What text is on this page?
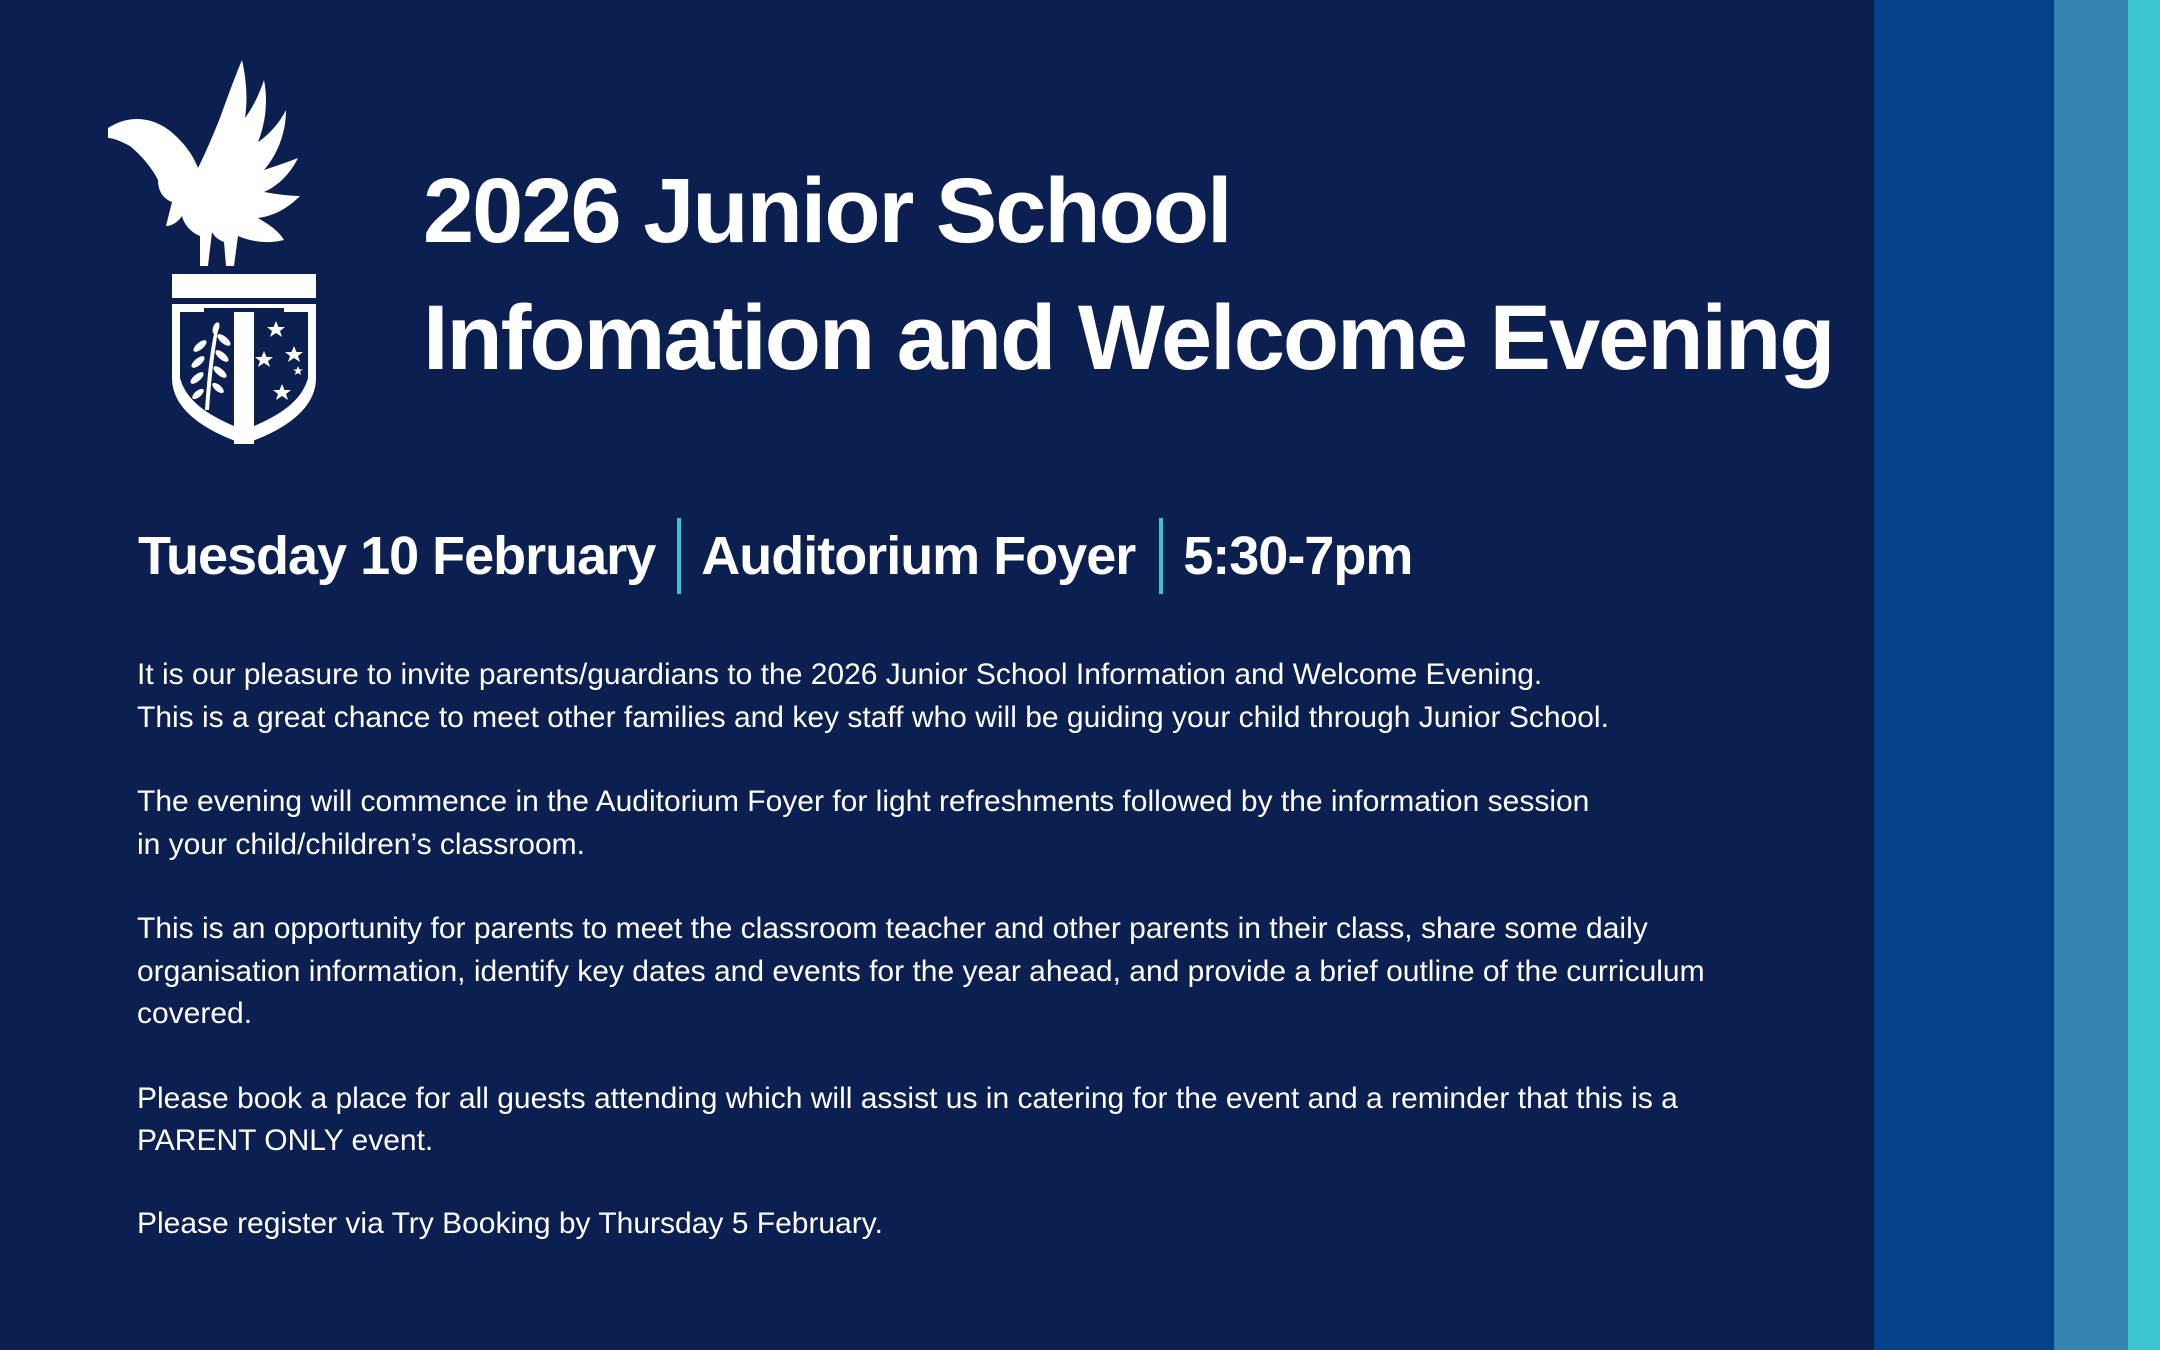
2026 Junior School
Infomation and Welcome Evening
Tuesday 10 February Auditorium Foyer 5:30-7pm

It is our pleasure to invite parents/guardians to the 2026 Junior School Information and Welcome Evening.
This is a great chance to meet other families and key staff who will be guiding your child through Junior School.

The evening will commence in the Auditorium Foyer for light refreshments followed by the information session
in your child/children’s classroom.

This is an opportunity for parents to meet the classroom teacher and other parents in their class, share some daily
organisation information, identify key dates and events for the year ahead, and provide a brief outline of the curriculum
covered.

Please book a place for all guests attending which will assist us in catering for the event and a reminder that this is a
PARENT ONLY event.

Please register via Try Booking by Thursday 5 February.
